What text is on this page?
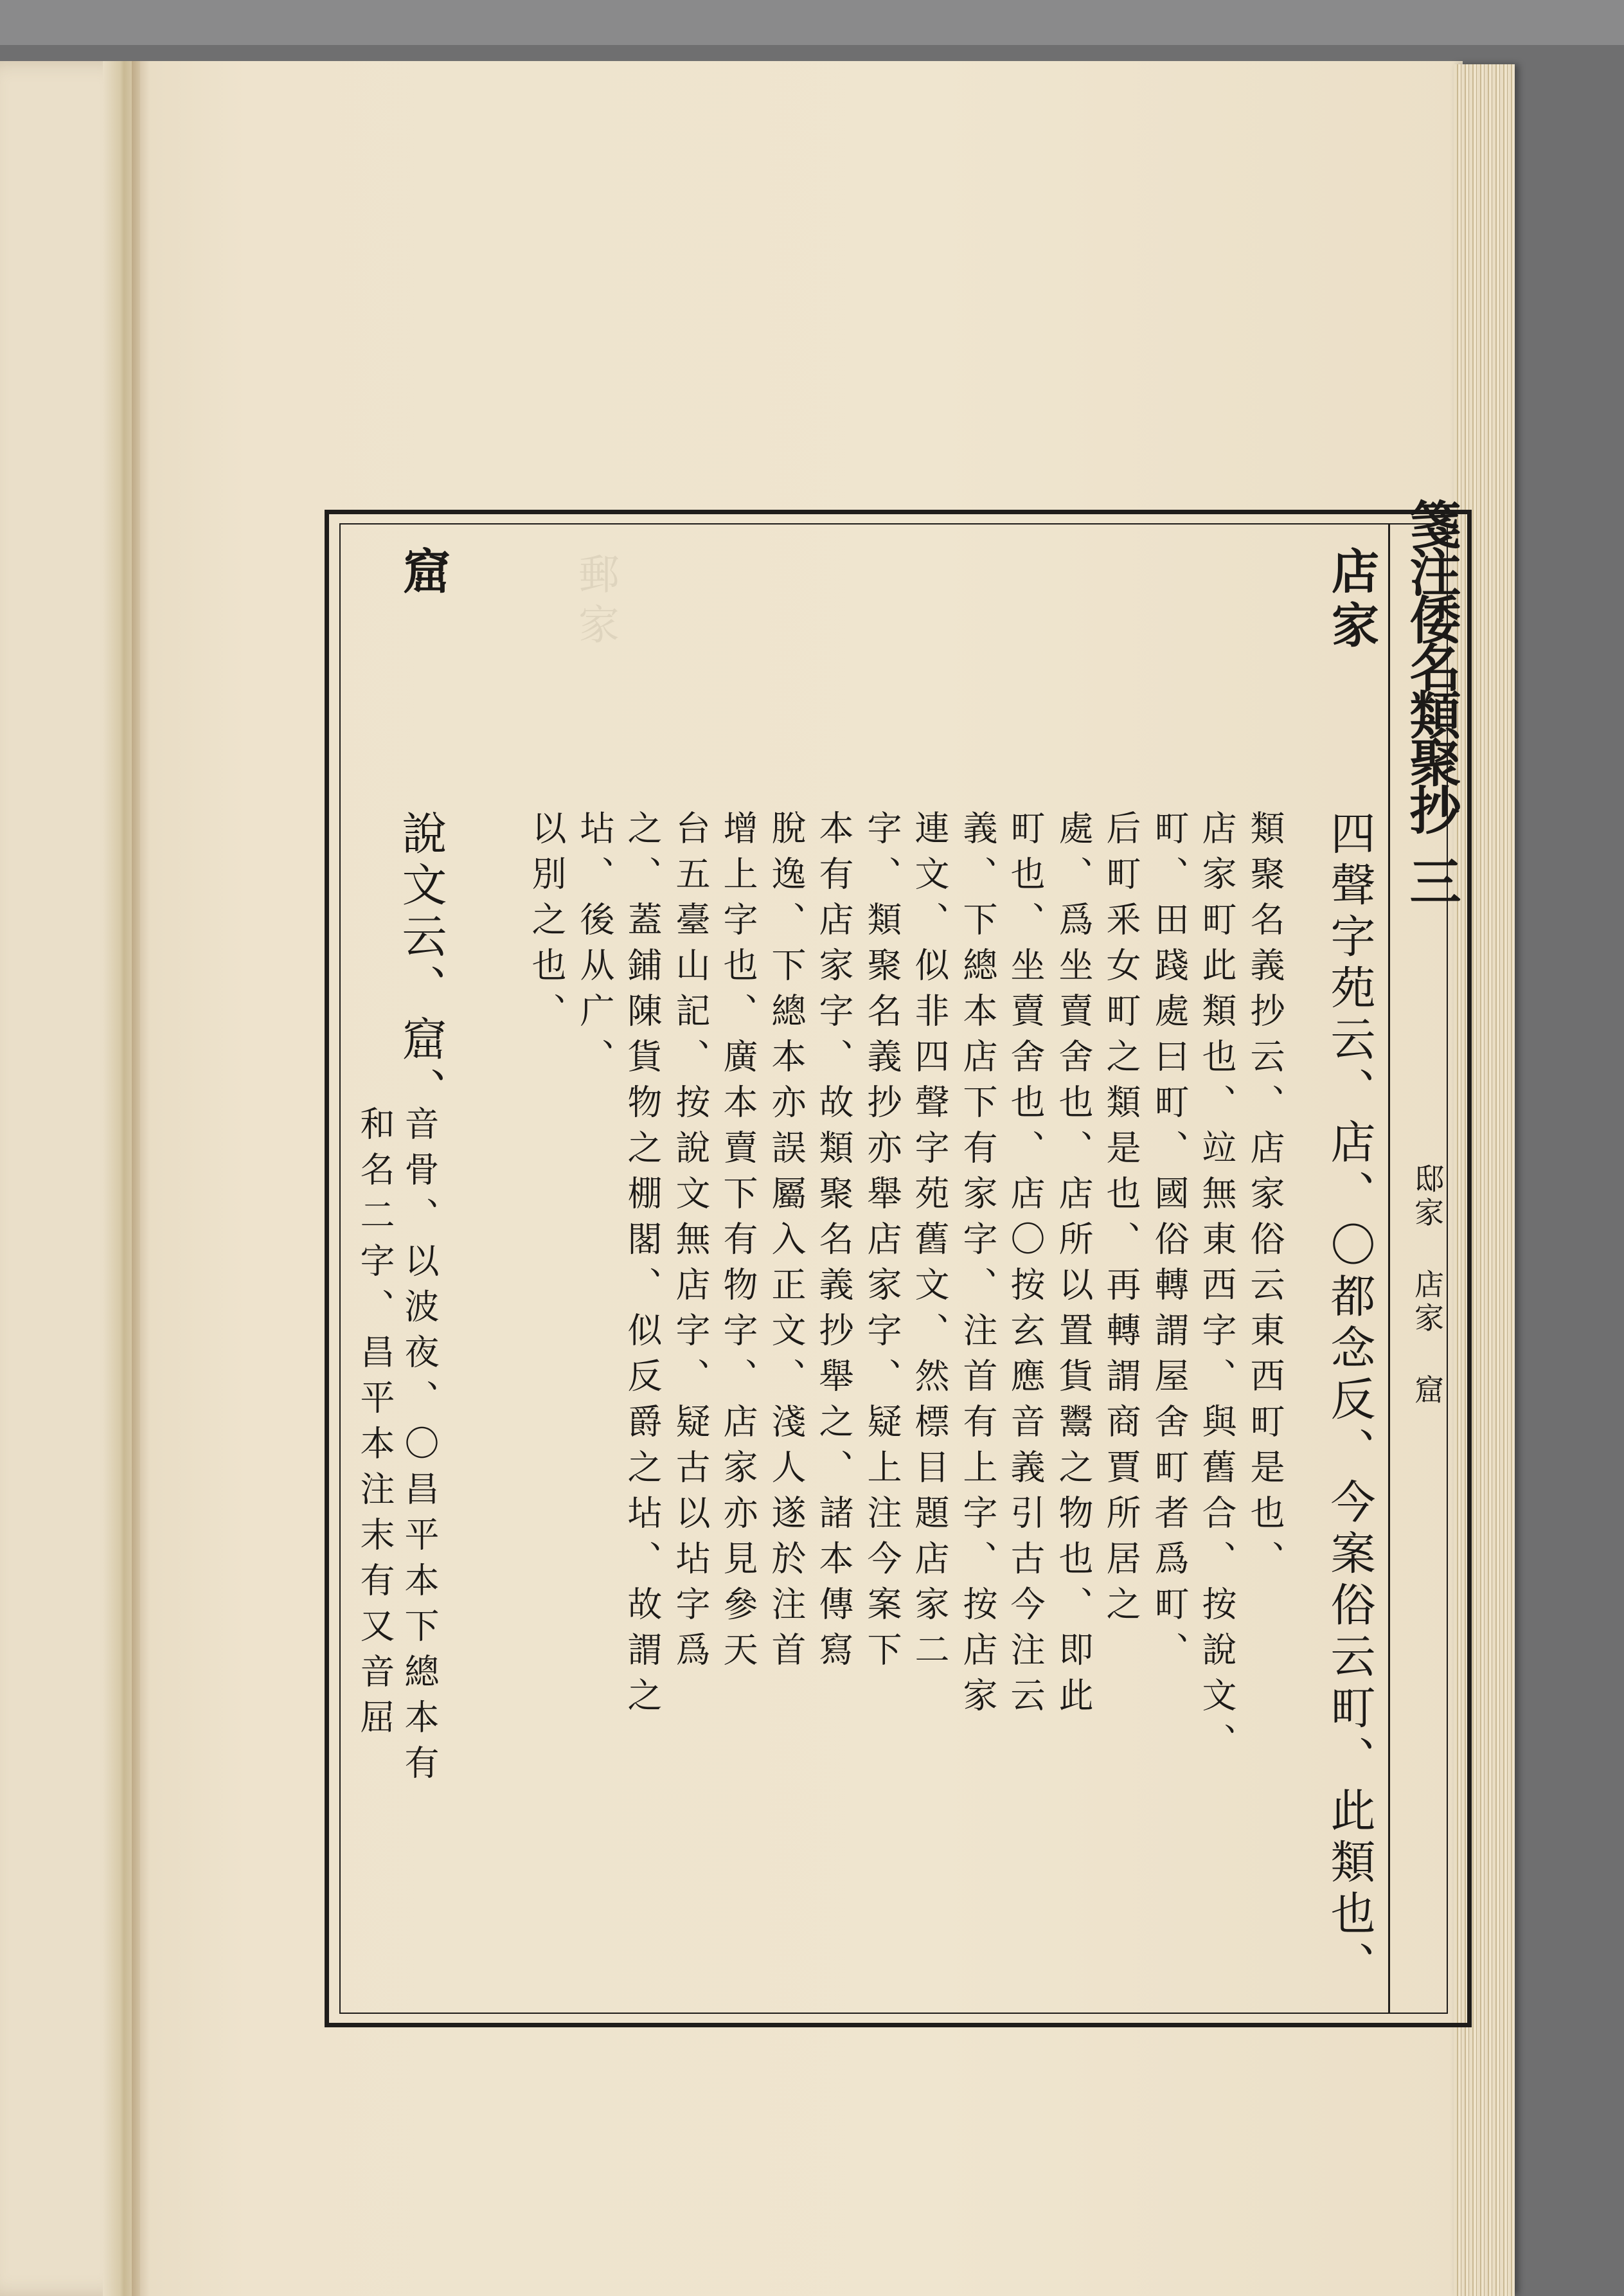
郵家	箋注倭名類聚抄
三
邸家 店家 窟
店家
四聲字苑云、店、〇都念反、今案俗云町、此類也、
類聚名義抄云、店家俗云東西町是也、
店家町此類也、竝無東西字、與舊合、按說文、
町、田踐處曰町、國俗轉謂屋舍町者爲町、
后町釆女町之類是也、再轉謂商賈所居之
處、爲坐賣舍也、店所以置貨鬻之物也、即此
町也、坐賣舍也、店〇按玄應音義引古今注云
義、下總本店下有家字、注首有上字、按店家
連文、似非四聲字苑舊文、然標目題店家二
字、類聚名義抄亦舉店家字、疑上注今案下
本有店家字、故類聚名義抄舉之、諸本傳寫
脫逸、下總本亦誤屬入正文、淺人遂於注首
增上字也、廣本賣下有物字、店家亦見參天
台五臺山記、按說文無店字、疑古以坫字爲
之、蓋鋪陳貨物之棚閣、似反爵之坫、故謂之
坫、後从广、
以別之也、
窟
說文云、窟、
音骨、以波夜、〇昌平本下總本有
和名二字、昌平本注末有又音屈
